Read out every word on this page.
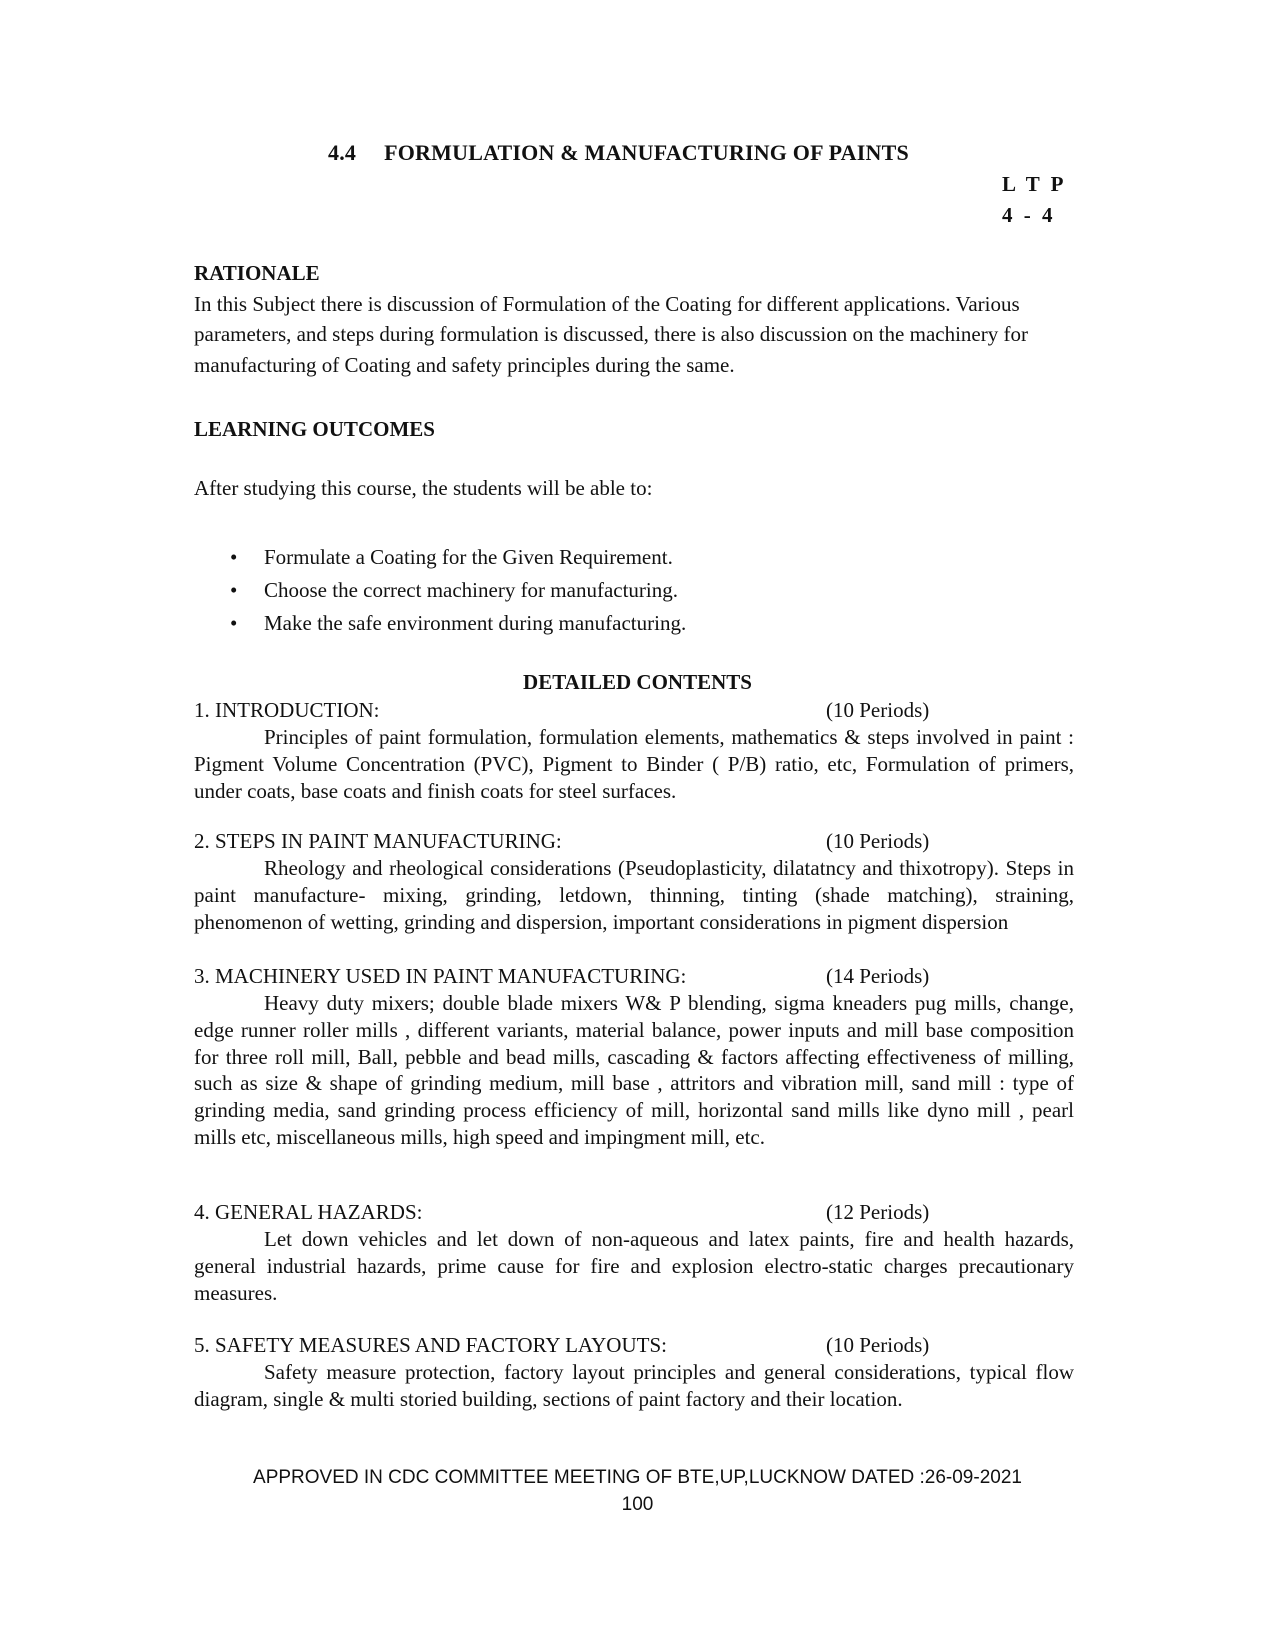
4.4 FORMULATION & MANUFACTURING OF PAINTS
L T P
4 - 4
RATIONALE
In this Subject there is discussion of Formulation of the Coating for different applications. Various parameters, and steps during formulation is discussed, there is also discussion on the machinery for manufacturing of Coating and safety principles during the same.
LEARNING OUTCOMES
After studying this course, the students will be able to:
• Formulate a Coating for the Given Requirement.
• Choose the correct machinery for manufacturing.
• Make the safe environment during manufacturing.
DETAILED CONTENTS
1. INTRODUCTION:	(10 Periods)

Principles of paint formulation, formulation elements, mathematics & steps involved in paint : Pigment Volume Concentration (PVC), Pigment to Binder ( P/B) ratio, etc, Formulation of primers, under coats, base coats and finish coats for steel surfaces.

2. STEPS IN PAINT MANUFACTURING:	(10 Periods)

Rheology and rheological considerations (Pseudoplasticity, dilatatncy and thixotropy). Steps in paint manufacture- mixing, grinding, letdown, thinning, tinting (shade matching), straining, phenomenon of wetting, grinding and dispersion, important considerations in pigment dispersion

3. MACHINERY USED IN PAINT MANUFACTURING:	(14 Periods)

Heavy duty mixers; double blade mixers W& P blending, sigma kneaders pug mills, change, edge runner roller mills , different variants, material balance, power inputs and mill base composition for three roll mill, Ball, pebble and bead mills, cascading & factors affecting effectiveness of milling, such as size & shape of grinding medium, mill base , attritors and vibration mill, sand mill : type of grinding media, sand grinding process efficiency of mill, horizontal sand mills like dyno mill , pearl mills etc, miscellaneous mills, high speed and impingment mill, etc.

4. GENERAL HAZARDS:	(12 Periods)

Let down vehicles and let down of non-aqueous and latex paints, fire and health hazards, general industrial hazards, prime cause for fire and explosion electro-static charges precautionary measures.

5. SAFETY MEASURES AND FACTORY LAYOUTS:	(10 Periods)

Safety measure protection, factory layout principles and general considerations, typical flow diagram, single & multi storied building, sections of paint factory and their location.

APPROVED IN CDC COMMITTEE MEETING OF BTE,UP,LUCKNOW DATED :26-09-2021
100
